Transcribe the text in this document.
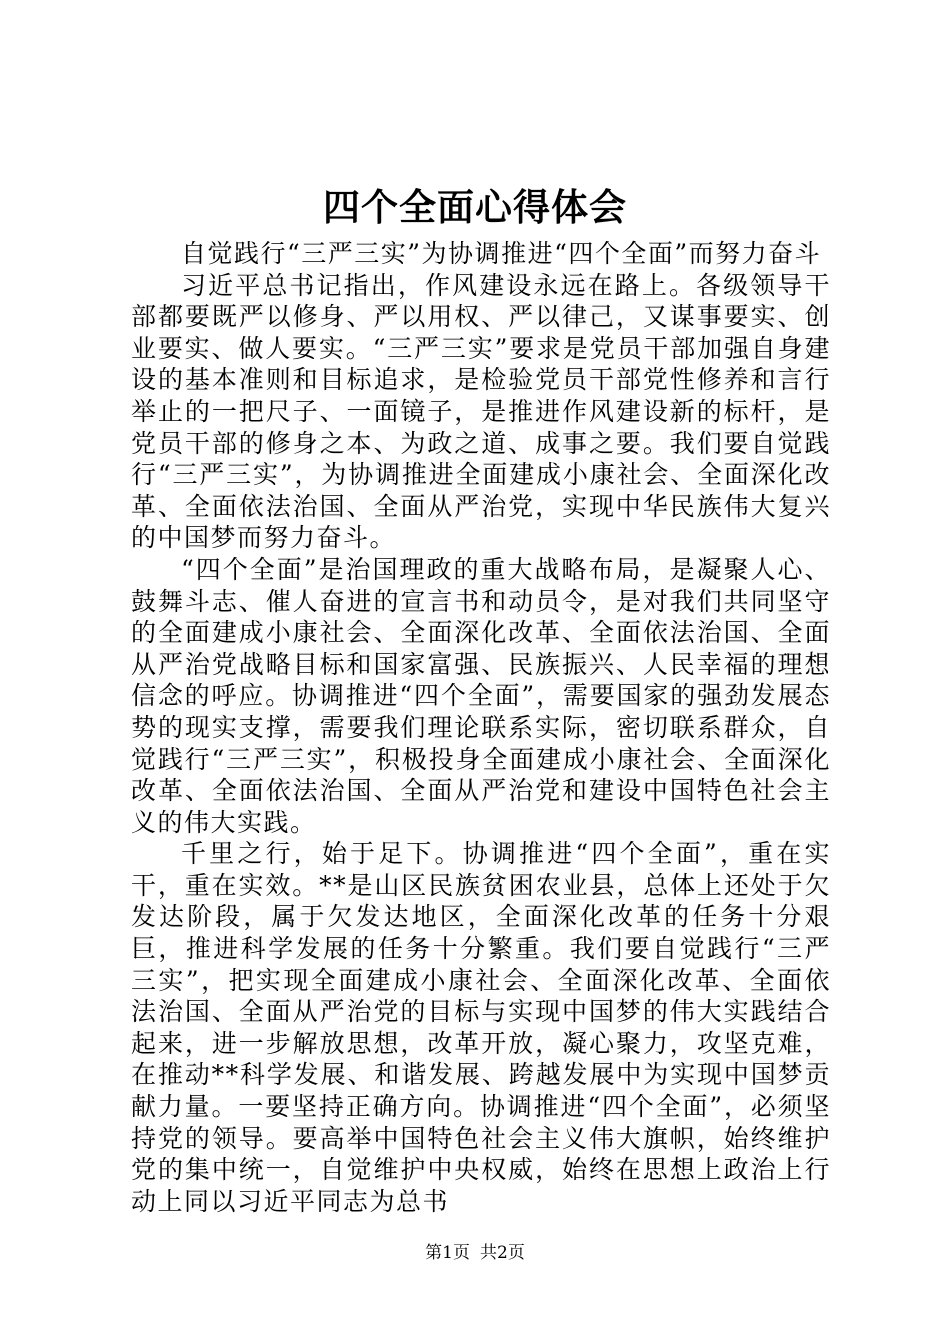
四个全面心得体会

自觉践行“三严三实”为协调推进“四个全面”而努力奋斗

习近平总书记指出，作风建设永远在路上。各级领导干部都要既严以修身、严以用权、严以律己，又谋事要实、创业要实、做人要实。“三严三实”要求是党员干部加强自身建设的基本准则和目标追求，是检验党员干部党性修养和言行举止的一把尺子、一面镜子，是推进作风建设新的标杆，是党员干部的修身之本、为政之道、成事之要。我们要自觉践行“三严三实”，为协调推进全面建成小康社会、全面深化改革、全面依法治国、全面从严治党，实现中华民族伟大复兴的中国梦而努力奋斗。

“四个全面”是治国理政的重大战略布局，是凝聚人心、鼓舞斗志、催人奋进的宣言书和动员令，是对我们共同坚守的全面建成小康社会、全面深化改革、全面依法治国、全面从严治党战略目标和国家富强、民族振兴、人民幸福的理想信念的呼应。协调推进“四个全面”，需要国家的强劲发展态势的现实支撑，需要我们理论联系实际，密切联系群众，自觉践行“三严三实”，积极投身全面建成小康社会、全面深化改革、全面依法治国、全面从严治党和建设中国特色社会主义的伟大实践。

千里之行，始于足下。协调推进“四个全面”，重在实干，重在实效。**是山区民族贫困农业县，总体上还处于欠发达阶段，属于欠发达地区，全面深化改革的任务十分艰巨，推进科学发展的任务十分繁重。我们要自觉践行“三严三实”，把实现全面建成小康社会、全面深化改革、全面依法治国、全面从严治党的目标与实现中国梦的伟大实践结合起来，进一步解放思想，改革开放，凝心聚力，攻坚克难，在推动**科学发展、和谐发展、跨越发展中为实现中国梦贡献力量。一要坚持正确方向。协调推进“四个全面”，必须坚持党的领导。要高举中国特色社会主义伟大旗帜，始终维护党的集中统一，自觉维护中央权威，始终在思想上政治上行动上同以习近平同志为总书

第1页 共2页
